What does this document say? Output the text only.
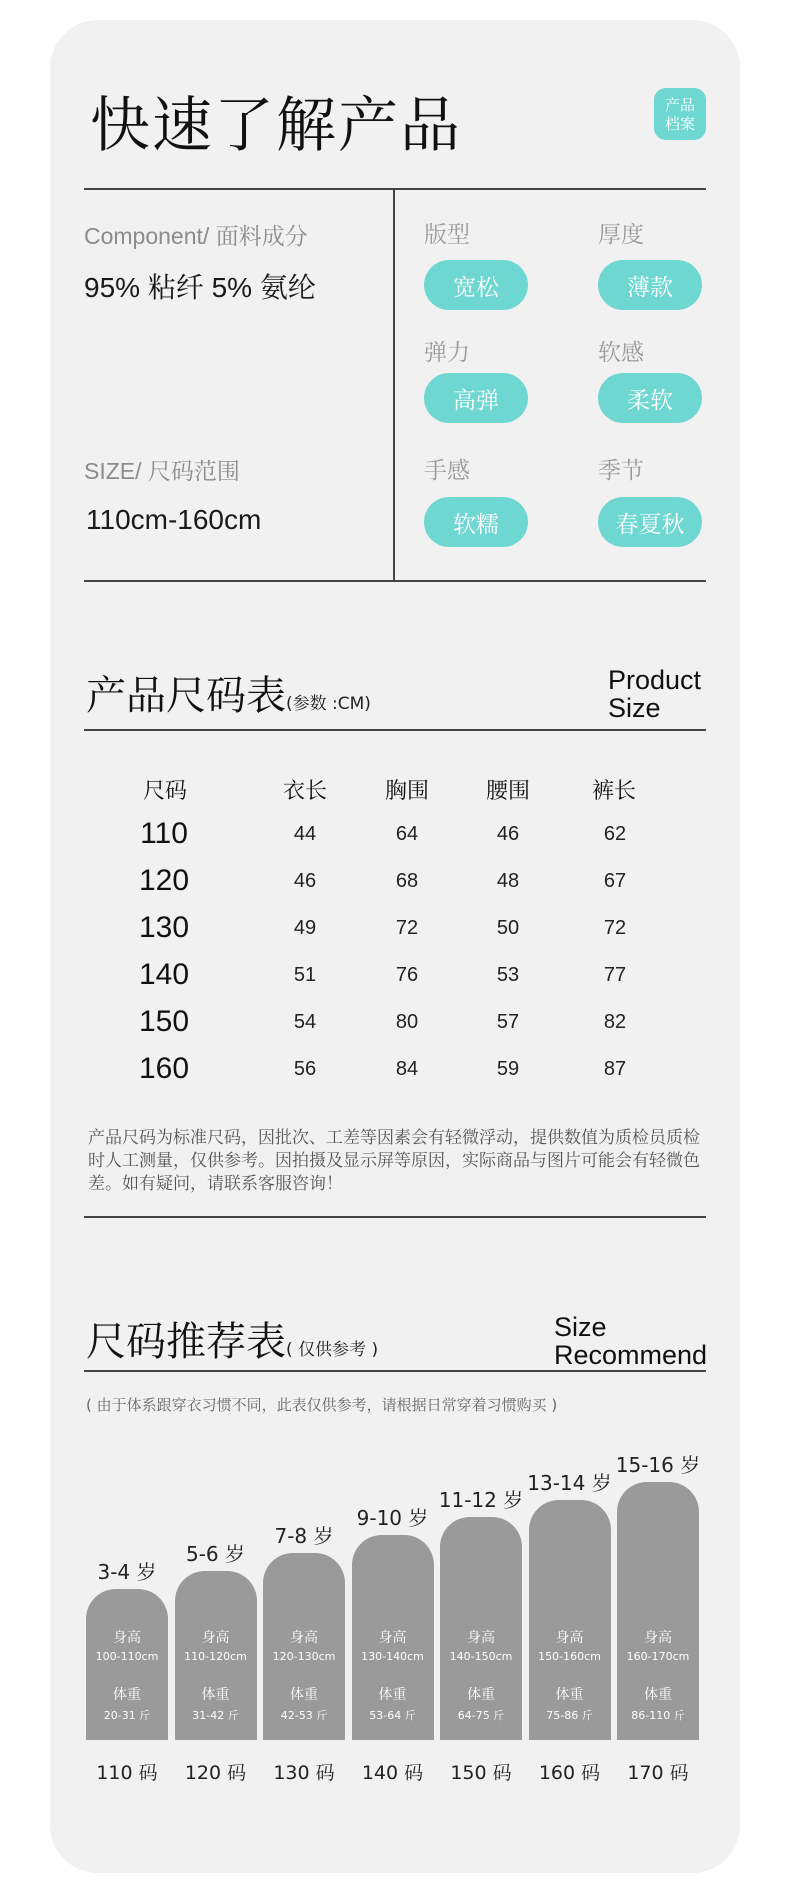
快速了解产品	产品
档案
Component/ 面料成分
95% 粘纤 5% 氨纶
SIZE/ 尺码范围
110cm-160cm
版型	厚度
宽松	薄款
弹力	软感
高弹	柔软
手感	季节
软糯	春夏秋
产品尺码表(参数 :CM)
Product
Size
尺码	衣长	胸围	腰围	裤长
110	44	64	46	62
120	46	68	48	67
130	49	72	50	72
140	51	76	53	77
150	54	80	57	82
160	56	84	59	87
产品尺码为标准尺码，因批次、工差等因素会有轻微浮动，提供数值为质检员质检时人工测量，仅供参考。因拍摄及显示屏等原因，实际商品与图片可能会有轻微色差。如有疑问，请联系客服咨询！
尺码推荐表( 仅供参考 )
Size
Recommend
( 由于体系跟穿衣习惯不同，此表仅供参考，请根据日常穿着习惯购买 )
身高
100-110cm
体重
20-31 斤
3-4 岁
110 码
身高
110-120cm
体重
31-42 斤
5-6 岁
120 码
身高
120-130cm
体重
42-53 斤
7-8 岁
130 码
身高
130-140cm
体重
53-64 斤
9-10 岁
140 码
身高
140-150cm
体重
64-75 斤
11-12 岁
150 码
身高
150-160cm
体重
75-86 斤
13-14 岁
160 码
身高
160-170cm
体重
86-110 斤
15-16 岁
170 码
